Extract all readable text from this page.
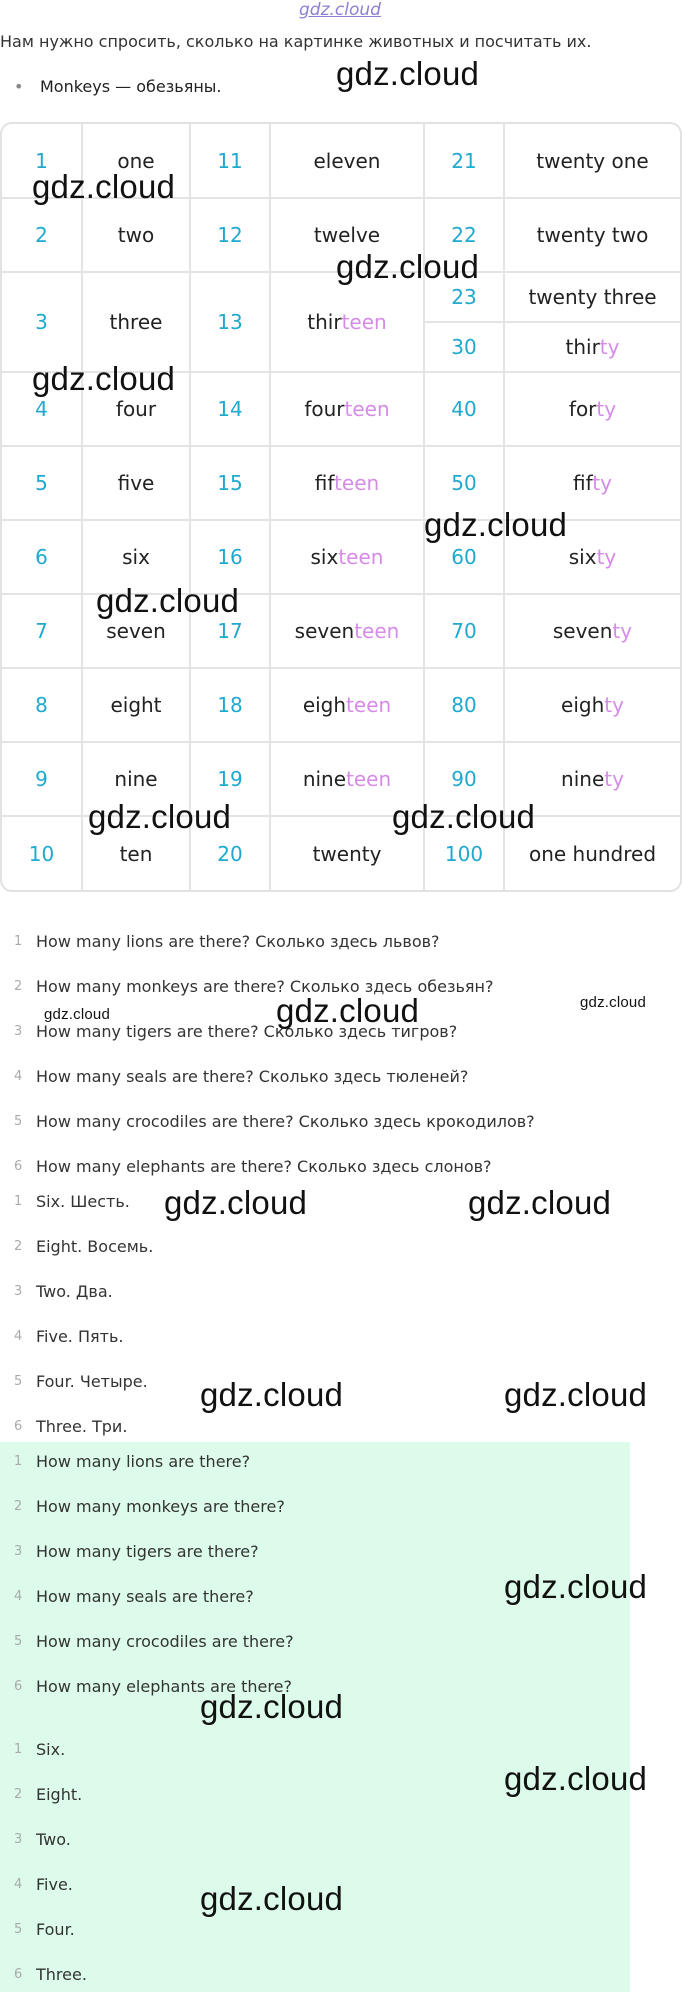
gdz.cloud
Нам нужно спросить, сколько на картинке животных и посчитать их.
• Monkeys — обезьяны.
•
1	one	11	eleven	21	twenty one
2	two	12	twelve	22	twenty two
3	three	13	thirteen	23	twenty three
				30	thirty
4	four	14	fourteen	40	forty
5	five	15	fifteen	50	fifty
6	six	16	sixteen	60	sixty
7	seven	17	seventeen	70	seventy
8	eight	18	eighteen	80	eighty
9	nine	19	nineteen	90	ninety
10	ten	20	twenty	100	one hundred
1 How many lions are there? Сколько здесь львов?
2 How many monkeys are there? Сколько здесь обезьян?
3 How many tigers are there? Сколько здесь тигров?
4 How many seals are there? Сколько здесь тюленей?
5 How many crocodiles are there? Сколько здесь крокодилов?
6 How many elephants are there? Сколько здесь слонов?
1 Six. Шесть.
2 Eight. Восемь.
3 Two. Два.
4 Five. Пять.
5 Four. Четыре.
6 Three. Три.
1 How many lions are there?
2 How many monkeys are there?
3 How many tigers are there?
4 How many seals are there?
5 How many crocodiles are there?
6 How many elephants are there?
1 Six.
2 Eight.
3 Two.
4 Five.
5 Four.
6 Three.
gdz.cloud
gdz.cloud
gdz.cloud
gdz.cloud
gdz.cloud
gdz.cloud
gdz.cloud	gdz.cloud
gdz.cloud
gdz.cloud
gdz.cloud
gdz.cloud	gdz.cloud
gdz.cloud	gdz.cloud
gdz.cloud
gdz.cloud
gdz.cloud
gdz.cloud
